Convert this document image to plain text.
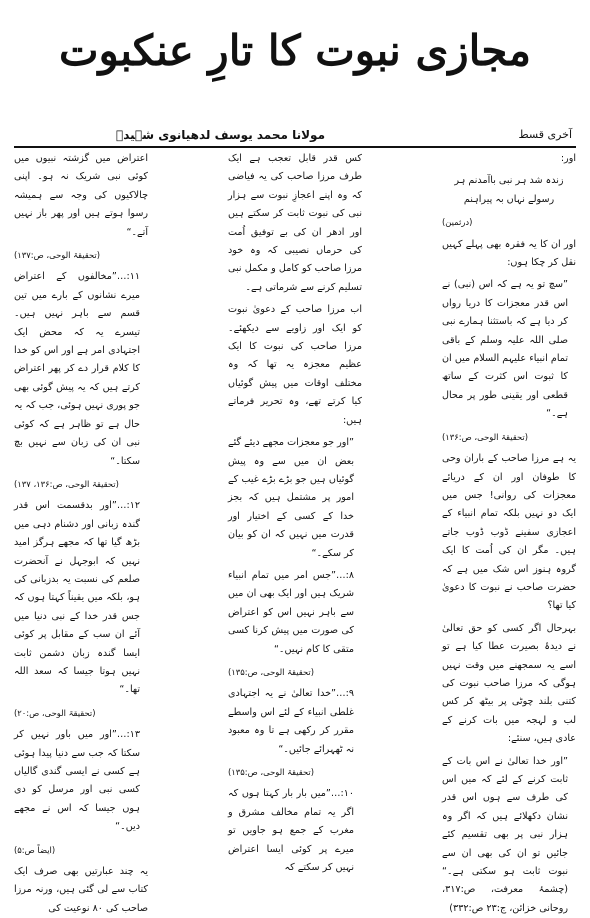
مجازی نبوت کا تارِ عنکبوت
آخری قسط
مولانا محمد یوسف لدھیانوی شہیدؒ

اور:

زندہ شد ہر نبی باآمدنم ہر رسولے نہاں بہ پیراہنم

(درثمین)

اور ان کا یہ فقرہ بھی پہلے کہیں نقل کر چکا ہوں:

”سچ تو یہ ہے کہ اس (نبی) نے اس قدر معجزات کا دریا رواں کر دیا ہے کہ باستثنا ہمارے نبی صلی اللہ علیہ وسلم کے باقی تمام انبیاء علیہم السلام میں ان کا ثبوت اس کثرت کے ساتھ قطعی اور یقینی طور پر محال ہے۔“

(تحقیقۃ الوحی، ص:۱۳۶)

یہ ہے مرزا صاحب کے باران وحی کا طوفان اور ان کے دریائے معجزات کی روانی! جس میں ایک دو نہیں بلکہ تمام انبیاء کے اعجازی سفینے ڈوب ڈوب جاتے ہیں۔ مگر ان کی اُمت کا ایک گروہ ہنوز اس شک میں ہے کہ حضرت صاحب نے نبوت کا دعویٰ کیا تھا؟

بہرحال اگر کسی کو حق تعالیٰ نے دیدۂ بصیرت عطا کیا ہے تو اسے یہ سمجھنے میں وقت نہیں ہوگی کہ مرزا صاحب نبوت کی کتنی بلند چوٹی پر بیٹھ کر کس لب و لہجہ میں بات کرنے کے عادی ہیں، سنئے:

”اور خدا تعالیٰ نے اس بات کے ثابت کرنے کے لئے کہ میں اس کی طرف سے ہوں اس قدر نشان دکھلائے ہیں کہ اگر وہ ہزار نبی پر بھی تقسیم کئے جائیں تو ان کی بھی ان سے نبوت ثابت ہو سکتی ہے۔“ (چشمۂ معرفت، ص:۳۱۷، روحانی خزائن، ج:۲۳ ص:۳۳۲)

کس قدر قابل تعجب ہے ایک طرف مرزا صاحب کی یہ فیاضی کہ وہ اپنے اعجازِ نبوت سے ہزار نبی کی نبوت ثابت کر سکتے ہیں اور ادھر ان کی بے توفیق اُمت کی حرماں نصیبی کہ وہ خود مرزا صاحب کو کامل و مکمل نبی تسلیم کرنے سے شرماتی ہے۔

اب مرزا صاحب کے دعویٰ نبوت کو ایک اور زاویے سے دیکھئے۔ مرزا صاحب کی نبوت کا ایک عظیم معجزہ یہ تھا کہ وہ مختلف اوقات میں پیش گوئیاں کیا کرتے تھے، وہ تحریر فرماتے ہیں:

”اور جو معجزات مجھے دیئے گئے بعض ان میں سے وہ پیش گوئیاں ہیں جو بڑے بڑے غیب کے امور پر مشتمل ہیں کہ بجز خدا کے کسی کے اختیار اور قدرت میں نہیں کہ ان کو بیان کر سکے۔“

۸:…”جس امر میں تمام انبیاء شریک ہیں اور ایک بھی ان میں سے باہر نہیں اس کو اعتراض کی صورت میں پیش کرنا کسی متقی کا کام نہیں۔“

(تحقیقۃ الوحی، ص:۱۳۵)

۹:…”خدا تعالیٰ نے یہ اجتہادی غلطی انبیاء کے لئے اس واسطے مقرر کر رکھی ہے تا وہ معبود نہ ٹھہرائے جائیں۔“

(تحقیقۃ الوحی، ص:۱۳۵)

۱۰:…”میں بار بار کہتا ہوں کہ اگر یہ تمام مخالف مشرق و مغرب کے جمع ہو جاویں تو میرے پر کوئی ایسا اعتراض نہیں کر سکتے کہ

اعتراض میں گزشتہ نبیوں میں کوئی نبی شریک نہ ہو۔ اپنی چالاکیوں کی وجہ سے ہمیشہ رسوا ہوتے ہیں اور پھر باز نہیں آتے۔“

(تحقیقۃ الوحی، ص:۱۳۷)

۱۱:…”مخالفوں کے اعتراض میرے نشانوں کے بارے میں تین قسم سے باہر نہیں ہیں۔ تیسرے یہ کہ محض ایک اجتہادی امر ہے اور اس کو خدا کا کلام قرار دے کر پھر اعتراض کرتے ہیں کہ یہ پیش گوئی بھی جو پوری نہیں ہوئی، جب کہ یہ حال ہے تو ظاہر ہے کہ کوئی نبی ان کی زبان سے نہیں بچ سکتا۔“

(تحقیقۃ الوحی، ص:۱۳۶، ۱۳۷)

۱۲:…”اور بدقسمت اس قدر گندہ زبانی اور دشنام دہی میں بڑھ گیا تھا کہ مجھے ہرگز امید نہیں کہ ابوجہل نے آنحضرت صلعم کی نسبت یہ بدزبانی کی ہو، بلکہ میں یقیناً کہتا ہوں کہ جس قدر خدا کے نبی دنیا میں آئے ان سب کے مقابل پر کوئی ایسا گندہ زبان دشمن ثابت نہیں ہوتا جیسا کہ سعد اللہ تھا۔“

(تحقیقۃ الوحی، ص:۲۰)

۱۳:…”اور میں باور نہیں کر سکتا کہ جب سے دنیا پیدا ہوئی ہے کسی نے ایسی گندی گالیاں کسی نبی اور مرسل کو دی ہوں جیسا کہ اس نے مجھے دیں۔“

(ایضاً ص:۵)

یہ چند عبارتیں بھی صرف ایک کتاب سے لی گئی ہیں، ورنہ مرزا صاحب کی ۸۰ نوعیت کی
